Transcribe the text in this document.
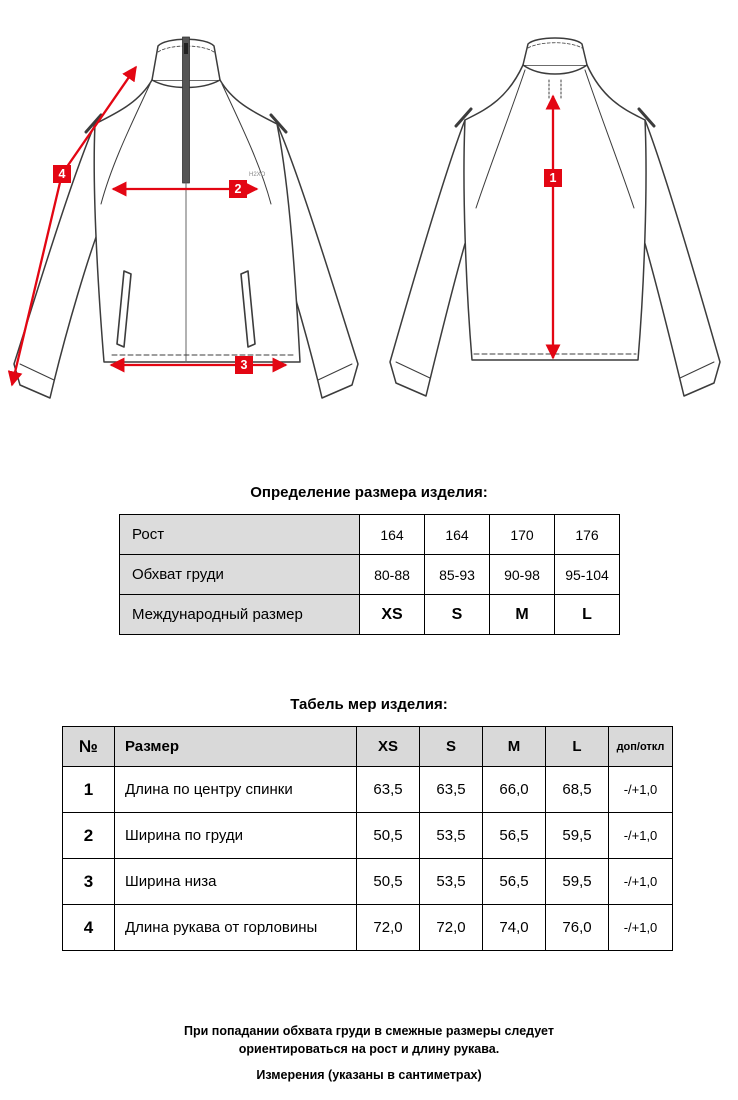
H2XO
4
2
3
1
Определение размера изделия:
Рост	164	164	170	176
Обхват груди	80-88	85-93	90-98	95-104
Международный размер	XS	S	M	L
Табель мер изделия:
№	Размер	XS	S	M	L	доп/откл
1	Длина по центру спинки	63,5	63,5	66,0	68,5	-/+1,0
2	Ширина по груди	50,5	53,5	56,5	59,5	-/+1,0
3	Ширина низа	50,5	53,5	56,5	59,5	-/+1,0
4	Длина рукава от горловины	72,0	72,0	74,0	76,0	-/+1,0
При попадании обхвата груди в смежные размеры следует
ориентироваться на рост и длину рукава.
Измерения (указаны в сантиметрах)
